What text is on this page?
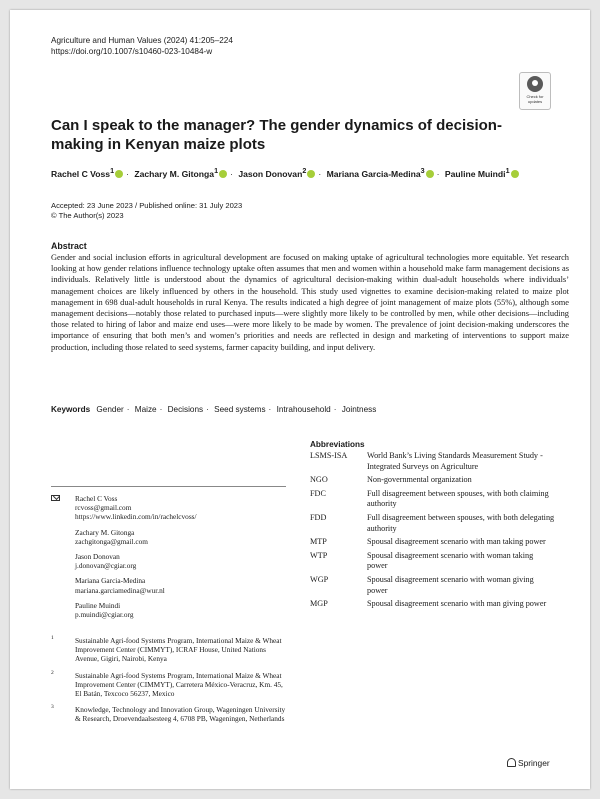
Agriculture and Human Values (2024) 41:205–224
https://doi.org/10.1007/s10460-023-10484-w
Check for updates
Can I speak to the manager? The gender dynamics of decision-making in Kenyan maize plots
Rachel C Voss$^1$ · Zachary M. Gitonga$^1$ · Jason Donovan$^2$ · Mariana Garcia-Medina$^3$ · Pauline Muindi$^1$
Accepted: 23 June 2023 / Published online: 31 July 2023
© The Author(s) 2023
Abstract
Gender and social inclusion efforts in agricultural development are focused on making uptake of agricultural technologies more equitable. Yet research looking at how gender relations influence technology uptake often assumes that men and women within a household make farm management decisions as individuals. Relatively little is understood about the dynamics of agricultural decision-making within dual-adult households where individuals’ management choices are likely influenced by others in the household. This study used vignettes to examine decision-making related to maize plot management in 698 dual-adult households in rural Kenya. The results indicated a high degree of joint management of maize plots (55%), although some management decisions—notably those related to purchased inputs—were slightly more likely to be controlled by men, while other decisions—including those related to hiring of labor and maize end uses—were more likely to be made by women. The prevalence of joint decision-making underscores the importance of ensuring that both men’s and women’s priorities and needs are reflected in design and marketing of interventions to support maize production, including those related to seed systems, farmer capacity building, and input delivery.
Keywords Gender · Maize · Decisions · Seed systems · Intrahousehold · Jointness
Rachel C Voss
rcvoss@gmail.com
https://www.linkedin.com/in/rachelcvoss/
Zachary M. Gitonga
zachgitonga@gmail.com
Jason Donovan
j.donovan@cgiar.org
Mariana Garcia-Medina
mariana.garciamedina@wur.nl
Pauline Muindi
p.muindi@cgiar.org
1	Sustainable Agri-food Systems Program, International Maize & Wheat Improvement Center (CIMMYT), ICRAF House, United Nations Avenue, Gigiri, Nairobi, Kenya
2	Sustainable Agri-food Systems Program, International Maize & Wheat Improvement Center (CIMMYT), Carretera México-Veracruz, Km. 45, El Batán, Texcoco 56237, Mexico
3	Knowledge, Technology and Innovation Group, Wageningen University & Research, Droevendaalsesteeg 4, 6708 PB, Wageningen, Netherlands
Abbreviations
LSMS-ISA	World Bank’s Living Standards Measurement Study - Integrated Surveys on Agriculture
NGO	Non-governmental organization
FDC	Full disagreement between spouses, with both claiming authority
FDD	Full disagreement between spouses, with both delegating authority
MTP	Spousal disagreement scenario with man taking power
WTP	Spousal disagreement scenario with woman taking power
WGP	Spousal disagreement scenario with woman giving power
MGP	Spousal disagreement scenario with man giving power
Springer
